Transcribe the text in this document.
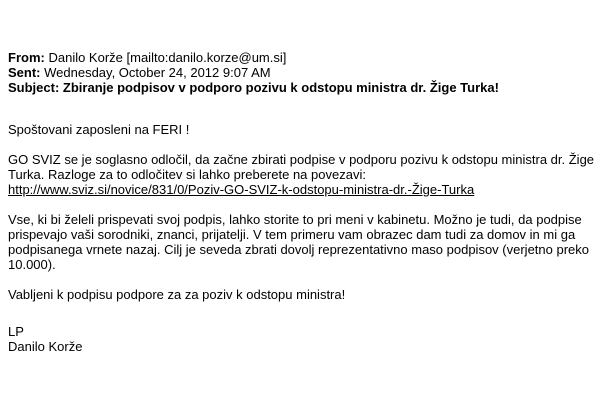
From: Danilo Korže [mailto:danilo.korze@um.si]
Sent: Wednesday, October 24, 2012 9:07 AM
Subject: Zbiranje podpisov v podporo pozivu k odstopu ministra dr. Žige Turka!

Spoštovani zaposleni na FERI !

GO SVIZ se je soglasno odločil, da začne zbirati podpise v podporu pozivu k odstopu ministra dr. Žige
Turka. Razloge za to odločitev si lahko preberete na povezavi:
http://www.sviz.si/novice/831/0/Poziv-GO-SVIZ-k-odstopu-ministra-dr.-Žige-Turka
Vse, ki bi želeli prispevati svoj podpis, lahko storite to pri meni v kabinetu. Možno je tudi, da podpise
prispevajo vaši sorodniki, znanci, prijatelji. V tem primeru vam obrazec dam tudi za domov in mi ga
podpisanega vrnete nazaj. Cilj je seveda zbrati dovolj reprezentativno maso podpisov (verjetno preko
10.000).

Vabljeni k podpisu podpore za za poziv k odstopu ministra!

LP
Danilo Korže
